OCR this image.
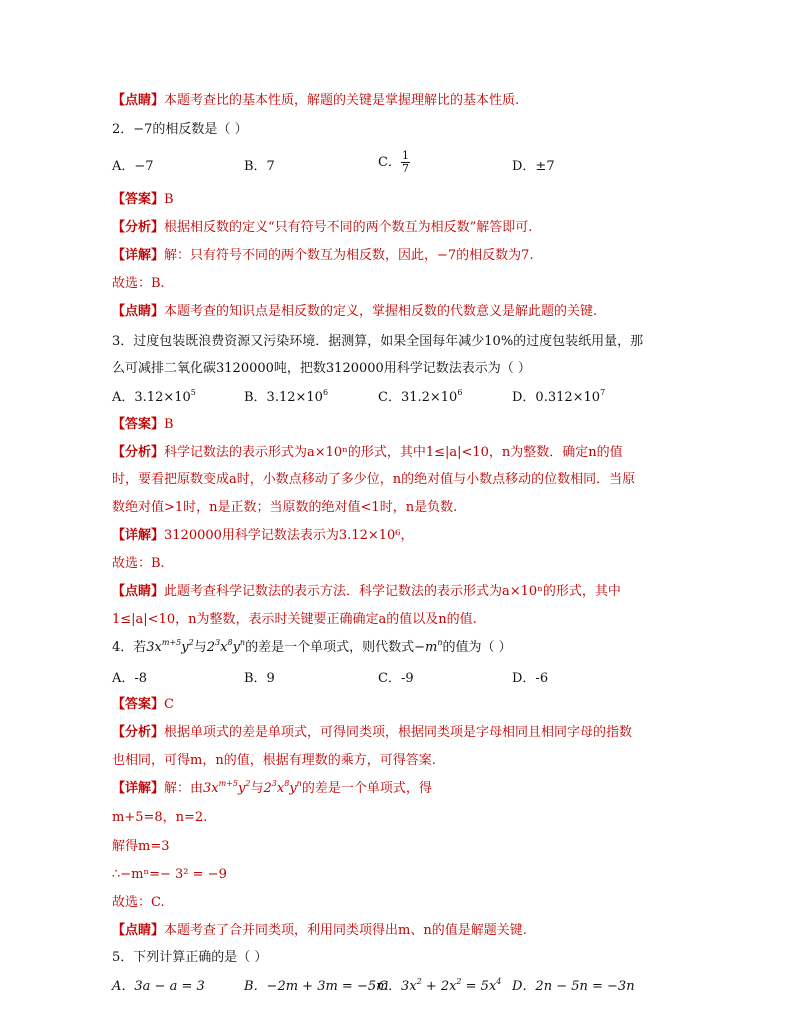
【点睛】本题考查比的基本性质，解题的关键是掌握理解比的基本性质.
2．−7的相反数是（ ）
A．−7	B．7	C． $\frac{1}{7}$	D．±7
【答案】B
【分析】根据相反数的定义“只有符号不同的两个数互为相反数”解答即可.
【详解】解：只有符号不同的两个数互为相反数，因此，−7的相反数为7.
故选：B.
【点睛】本题考查的知识点是相反数的定义，掌握相反数的代数意义是解此题的关键.
3．过度包装既浪费资源又污染环境．据测算，如果全国每年减少10%的过度包装纸用量，那
么可减排二氧化碳3120000吨，把数3120000用科学记数法表示为（ ）
A．$3.12\times 10^5$	B．$3.12\times 10^6$	C．$31.2\times 10^6$	D．$0.312\times 10^7$
【答案】B
【分析】科学记数法的表示形式为a×10ⁿ的形式，其中1≤|a|<10，n为整数．确定n的值
时，要看把原数变成a时，小数点移动了多少位，n的绝对值与小数点移动的位数相同．当原
数绝对值>1时，n是正数；当原数的绝对值<1时，n是负数.
【详解】3120000用科学记数法表示为3.12×10⁶，
故选：B.
【点睛】此题考查科学记数法的表示方法．科学记数法的表示形式为a×10ⁿ的形式，其中
1≤|a|<10，n为整数，表示时关键要正确确定a的值以及n的值.
4．若$3x^{m+5}y^2$与$2^3x^8y^n$的差是一个单项式，则代数式$-m^n$的值为（ ）
A．-8	B．9	C．-9	D．-6
【答案】C
【分析】根据单项式的差是单项式，可得同类项，根据同类项是字母相同且相同字母的指数
也相同，可得m，n的值，根据有理数的乘方，可得答案.
【详解】解：由$3x^{m+5}y^2$与$2^3x^8y^n$的差是一个单项式，得
m+5=8，n=2.
解得m=3
∴−mⁿ=− 3² = −9
故选：C.
【点睛】本题考查了合并同类项，利用同类项得出m、n的值是解题关键.
5．下列计算正确的是（ ）
A．3a − a = 3	B．−2m + 3m = −5m
C．$3x^2 + 2x^2 = 5x^4$ D．2n − 5n = −3n
